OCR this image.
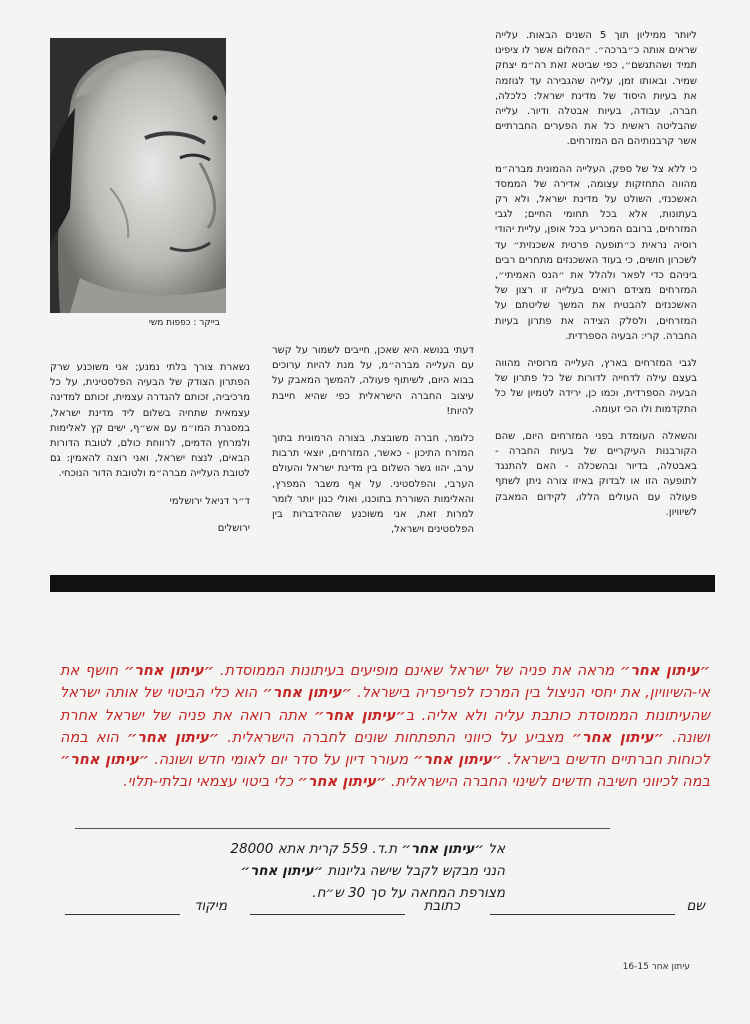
בייקר : כפפות משי

ליותר ממיליון תוך 5 השנים הבאות. עלייה שראים אותה כ״ברכה״. ״החלום אשר לו ציפינו תמיד ושהתגשם״, כפי שביטא זאת רה״מ יצחק שמיר. ובאותו זמן, עלייה שהגבירה עד לגוזמה את בעיות היסוד של מדינת ישראל: כלכלה, חברה, עבודה, בעיות אבטלה ודיור. עלייה שהבליטה ראשית כל את הפערים החברתיים אשר קרבנותיהם הם המזרחים.

כי ללא צל של ספק, העלייה ההמונית מברה״מ מהווה התחזקות עצומה, אדירה של הממסד האשכנזי, השולט על מדינת ישראל, ולא רק בעתונות, אלא בכל תחומי החיים; לגבי המזרחים, ברובם המכריע בכל אופן, עליית יהודי רוסיה נראית כ״תופעה פרטית אשכנזית״ עד לשכרון חושים, כי בעוד האשכנזים מתחרים רבים ביניהם כדי לפאר ולהלל את ״הנס האמיתי״, המזרחים מצידם רואים בעלייה זו רצון של האשכנזים להבטיח את המשך שליטתם על המזרחים, ולסלק הצידה את פתרון בעיות החברה. קרי: הבעיה הספרדית.

לגבי המזרחים בארץ, העלייה מרוסיה מהווה בעצם עילה לדחייה לדורות של כל פתרון של הבעיה הספרדית, וכמו כן, ירידה לטמיון של כל התקדמות ולו הכי זעומה.

והשאלה העומדת בפני המזרחים היום, שהם הקורבנות העיקריים של בעיות החברה - באבטלה, בדיור ובהשכלה - האם להתנגד לתופעה הזו או לבדוק באיזו צורה ניתן לשתף פעולה עם העולים הללו, לקידום המאבק לשיוויון.

דעתי בנושא היא שאכן, חייבים לשמור על קשר עם העלייה מברה״מ, על מנת להיות ערוכים בבוא היום, לשיתוף פעולה, להמשך המאבק על עיצוב החברה הישראלית כפי שהיא חייבת להיות!

כלומר, חברה משובצת, בצורה הרמונית בתוך המזרח התיכון - כאשר, המזרחים, יוצאי תרבות ערב, יהוו גשר השלום בין מדינת ישראל והעולם הערבי, והפלסטיני. על אף משבר המפרץ, והאלימות השוררת בתוכנו, ואולי כגון יותר לומר למרות זאת, אני משוכנע שההידברות בין הפלסטינים וישראל,

נשארת צורך בלתי נמנע; אני משוכנע שרק הפתרון הצודק של הבעיה הפלסטינית, על כל מרכיביה, זכותם להגדרה עצמית, זכותם למדינה עצמאית שתחיה בשלום ליד מדינת ישראל, במסגרת המו״מ עם אש״ף, ישים קץ לאלימות ולמרחץ הדמים, לרווחת כולם, לטובת הדורות הבאים, לנצח ישראל, ואני רוצה להאמין: גם לטובת העלייה מברה״מ ולטובת הדור הנוכחי.

ד״ר דניאל ירושלמי

ירושלים

״עיתון אחר״ מראה את פניה של ישראל שאינם מופיעים בעיתונות הממוסדת. ״עיתון אחר״ חושף את אי-השיוויון, את יחסי הניצול בין המרכז לפריפריה בישראל. ״עיתון אחר״ הוא כלי הביטוי של אותה ישראל שהעיתונות הממוסדת כותבת עליה ולא אליה. ב״עיתון אחר״ אתה רואה את פניה של ישראל אחרת ושונה. ״עיתון אחר״ מצביע על כיווני התפתחות שונים לחברה הישראלית. ״עיתון אחר״ הוא במה לכוחות חברתיים חדשים בישראל. ״עיתון אחר״ מעורר דיון על סדר יום לאומי חדש ושונה. ״עיתון אחר״ במה לכיווני חשיבה חדשים לשינוי החברה הישראלית. ״עיתון אחר״ כלי ביטוי עצמאי ובלתי-תלוי.
אל ״עיתון אחר״ ת.ד. 559 קרית אתא 28000
הנני מבקש לקבל שישה גליונות ״עיתון אחר״
מצורפת המחאה על סך 30 ש״ח.
שם
כתובת
מיקוד
עיתון אחר 16-15
